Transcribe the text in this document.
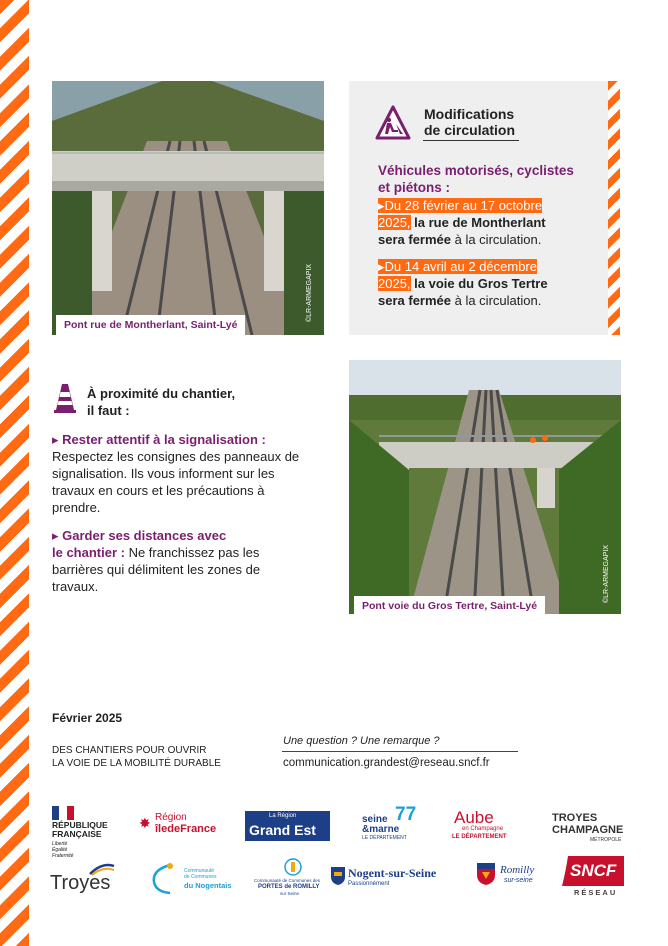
Pont rue de Montherlant, Saint-Lyé
©LR-ARMEGAPIX
Modifications
de circulation
Véhicules motorisés, cyclistes
et piétons :
▸Du 28 février au 17 octobre
2025, la rue de Montherlant
sera fermée à la circulation.
▸Du 14 avril au 2 décembre
2025, la voie du Gros Tertre
sera fermée à la circulation.
À proximité du chantier,
il faut :
▸ Rester attentif à la signalisation : Respectez les consignes des panneaux de signalisation. Ils vous informent sur les travaux en cours et les précautions à prendre.
▸ Garder ses distances avec
le chantier : Ne franchissez pas les barrières qui délimitent les zones de travaux.
Pont voie du Gros Tertre, Saint-Lyé
©LR-ARMEGAPIX
Février 2025
DES CHANTIERS POUR OUVRIR
LA VOIE DE LA MOBILITÉ DURABLE
Une question ? Une remarque ?
communication.grandest@reseau.sncf.fr
RÉPUBLIQUE
FRANÇAISE
Liberté
Égalité
Fraternité
✸ Région
îledeFrance
La Région
Grand Est
seine
&marne
77
LE DÉPARTEMENT
Aube
en Champagne
LE DÉPARTEMENT
TROYES
CHAMPAGNE
MÉTROPOLE
Troyes
Communauté
de Communes
du Nogentais
Communauté de Communes des
PORTES de ROMILLY
sur Seine
Nogent-sur-Seine
Passionnément
Romilly
sur-seine
SNCF
RÉSEAU
